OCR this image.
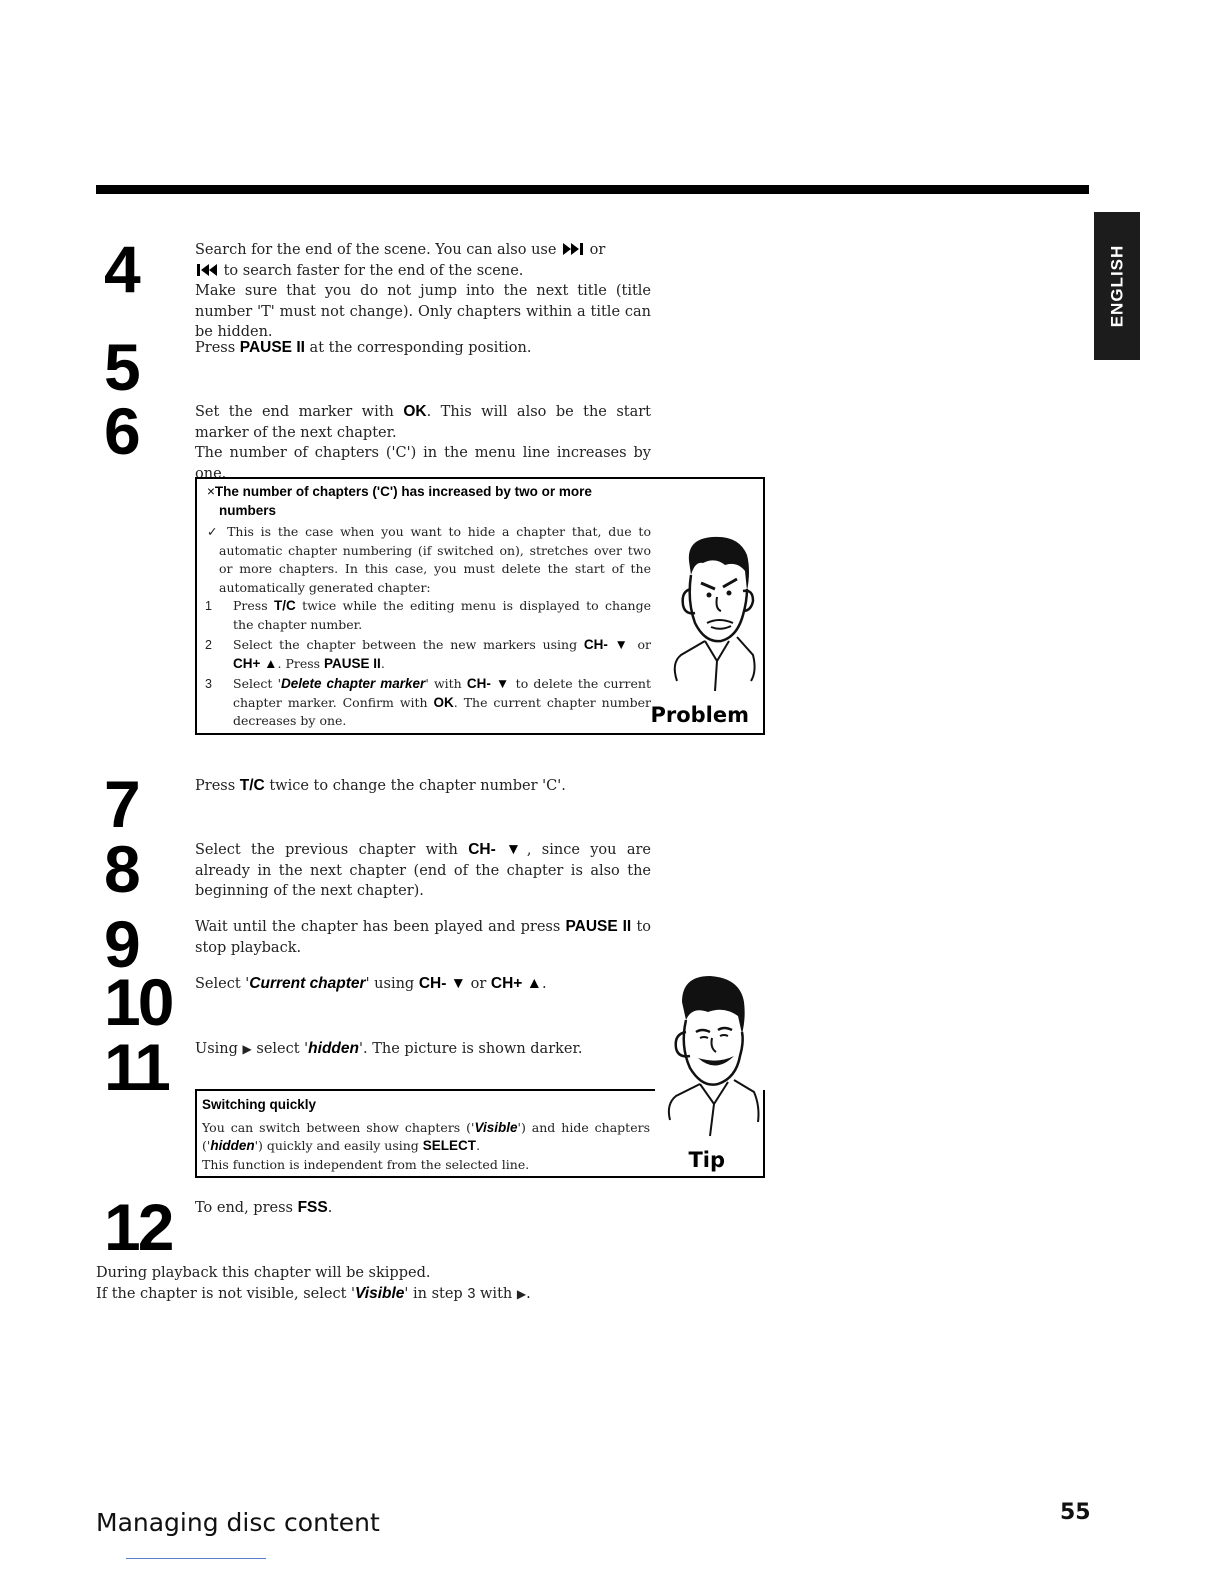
ENGLISH
4	Search for the end of the scene. You can also use  or
to search faster for the end of the scene.
Make sure that you do not jump into the next title (title number 'T' must not change). Only chapters within a title can be hidden.
5	Press PAUSE II at the corresponding position.
6	Set the end marker with OK. This will also be the start marker of the next chapter.
The number of chapters ('C') in the menu line increases by one.
×The number of chapters ('C') has increased by two or more numbers
✓ This is the case when you want to hide a chapter that, due to automatic chapter numbering (if switched on), stretches over two or more chapters. In this case, you must delete the start of the automatically generated chapter:
1 Press T/C twice while the editing menu is displayed to change the chapter number.
2 Select the chapter between the new markers using CH- ▼ or CH+ ▲. Press PAUSE II.
3 Select 'Delete chapter marker' with CH- ▼ to delete the current chapter marker. Confirm with OK. The current chapter number decreases by one.	Problem
7	Press T/C twice to change the chapter number 'C'.
8	Select the previous chapter with CH- ▼, since you are already in the next chapter (end of the chapter is also the beginning of the next chapter).
9	Wait until the chapter has been played and press PAUSE II to stop playback.
10 Select 'Current chapter' using CH- ▼ or CH+ ▲.
11 Using ▶ select 'hidden'. The picture is shown darker.
Switching quickly
You can switch between show chapters ('Visible') and hide chapters ('hidden') quickly and easily using SELECT.
This function is independent from the selected line.	Tip
12 To end, press FSS.
During playback this chapter will be skipped.
If the chapter is not visible, select 'Visible' in step 3 with ▶.
Managing disc content	55
